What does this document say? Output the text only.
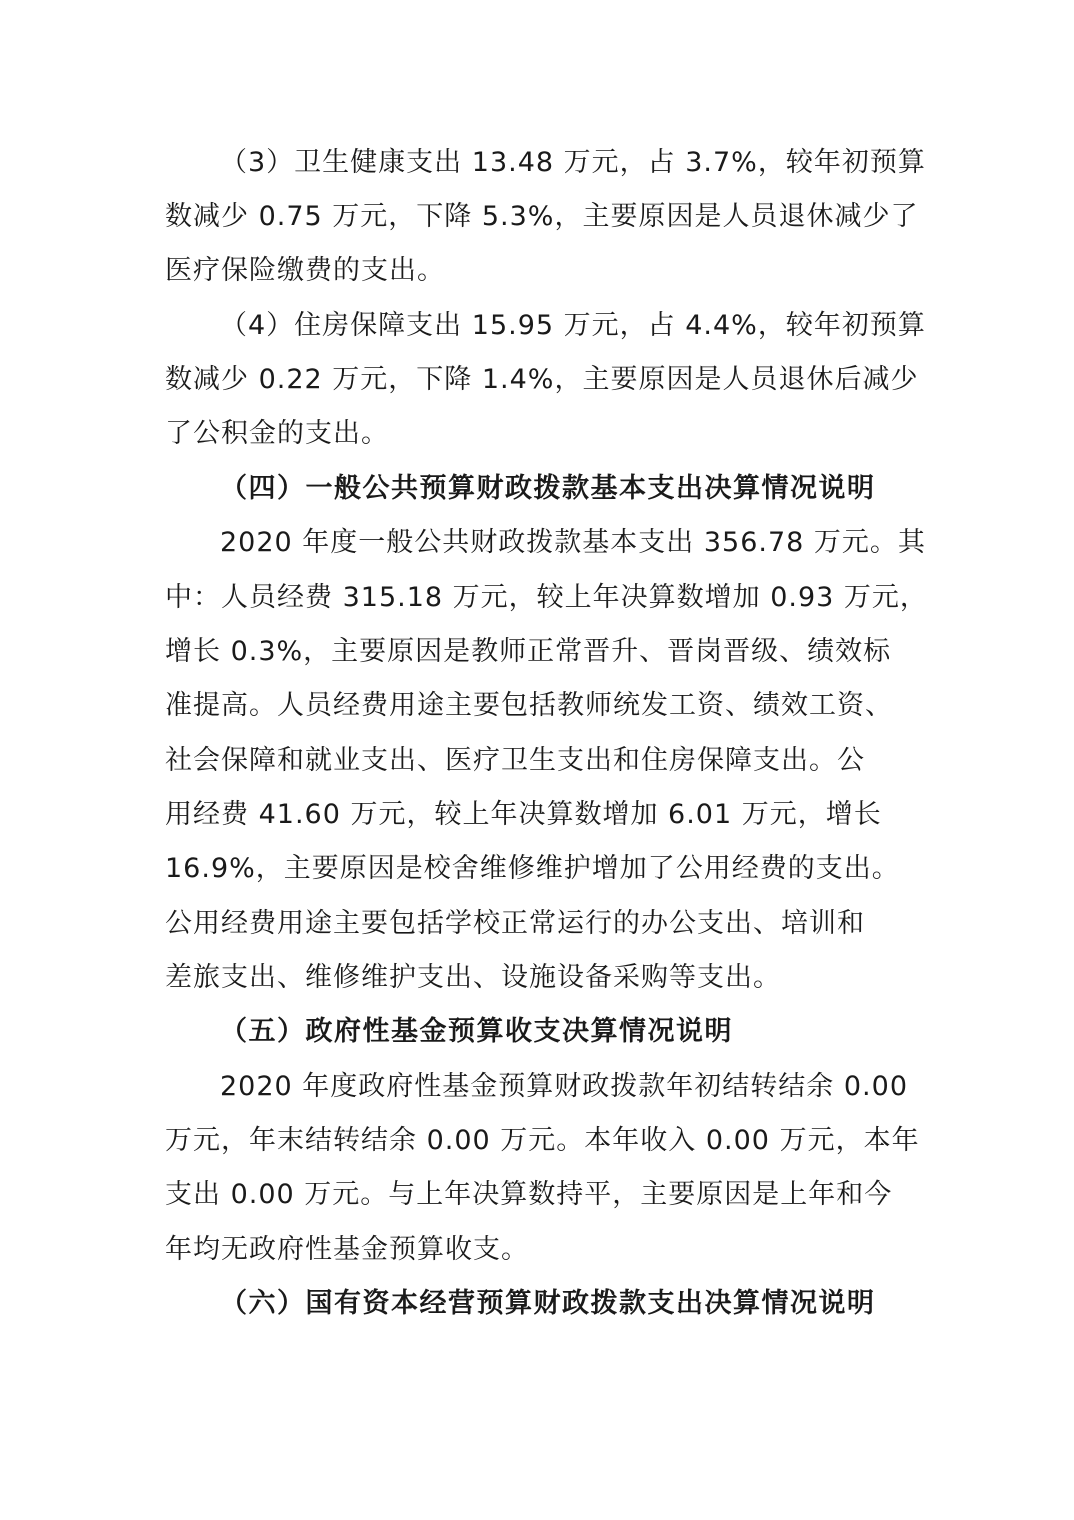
（3）卫生健康支出 13.48 万元，占 3.7%，较年初预算
数减少 0.75 万元，下降 5.3%，主要原因是人员退休减少了
医疗保险缴费的支出。
（4）住房保障支出 15.95 万元，占 4.4%，较年初预算
数减少 0.22 万元，下降 1.4%，主要原因是人员退休后减少
了公积金的支出。
（四）一般公共预算财政拨款基本支出决算情况说明
2020 年度一般公共财政拨款基本支出 356.78 万元。其
中：人员经费 315.18 万元，较上年决算数增加 0.93 万元，
增长 0.3%，主要原因是教师正常晋升、晋岗晋级、绩效标
准提高。人员经费用途主要包括教师统发工资、绩效工资、
社会保障和就业支出、医疗卫生支出和住房保障支出。公
用经费 41.60 万元，较上年决算数增加 6.01 万元，增长
16.9%，主要原因是校舍维修维护增加了公用经费的支出。
公用经费用途主要包括学校正常运行的办公支出、培训和
差旅支出、维修维护支出、设施设备采购等支出。
（五）政府性基金预算收支决算情况说明
2020 年度政府性基金预算财政拨款年初结转结余 0.00
万元，年末结转结余 0.00 万元。本年收入 0.00 万元，本年
支出 0.00 万元。与上年决算数持平，主要原因是上年和今
年均无政府性基金预算收支。
（六）国有资本经营预算财政拨款支出决算情况说明
